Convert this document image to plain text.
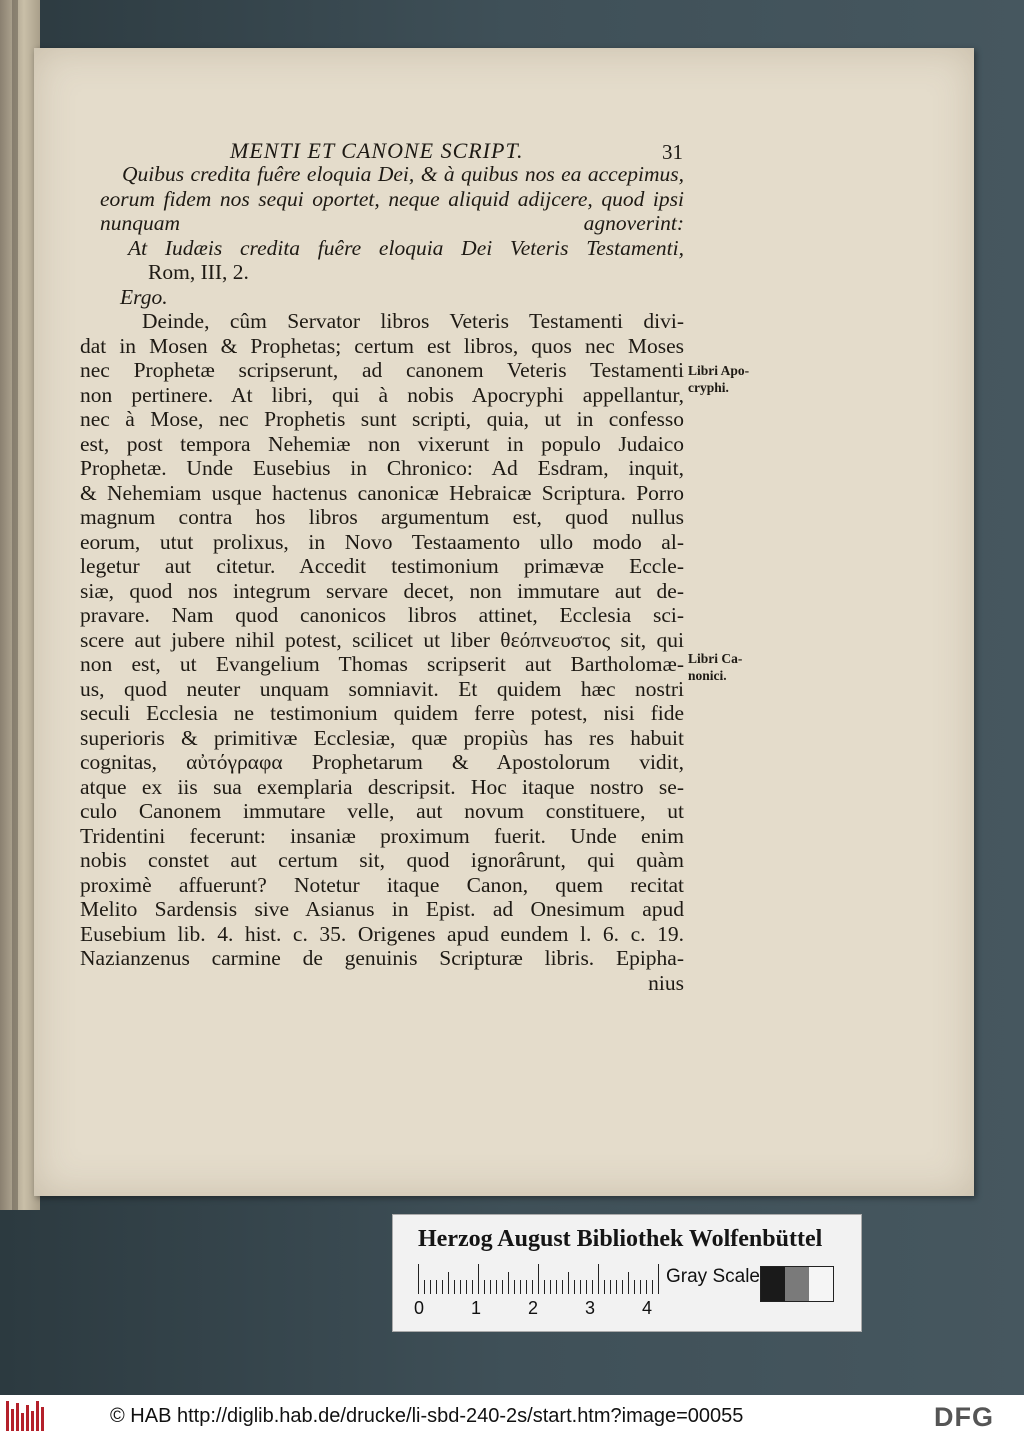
MENTI ET CANONE SCRIPT.	31
Quibus credita fuêre eloquia Dei, & à quibus nos ea accepimus,
eorum fidem nos sequi oportet, neque aliquid adijcere, quod ipsi
nunquam agnoverint:
At Iudæis credita fuêre eloquia Dei Veteris Testamenti,
Rom, III, 2.
Ergo.
Deinde, cûm Servator libros Veteris Testamenti divi-
dat in Mosen & Prophetas; certum est libros, quos nec Moses
nec Prophetæ scripserunt, ad canonem Veteris Testamenti
non pertinere. At libri, qui à nobis Apocryphi appellantur,
nec à Mose, nec Prophetis sunt scripti, quia, ut in confesso
est, post tempora Nehemiæ non vixerunt in populo Judaico
Prophetæ. Unde Eusebius in Chronico: Ad Esdram, inquit,
& Nehemiam usque hactenus canonicæ Hebraicæ Scriptura. Porro
magnum contra hos libros argumentum est, quod nullus
eorum, utut prolixus, in Novo Testaamento ullo modo al-
legetur aut citetur. Accedit testimonium primævæ Eccle-
siæ, quod nos integrum servare decet, non immutare aut de-
pravare. Nam quod canonicos libros attinet, Ecclesia sci-
scere aut jubere nihil potest, scilicet ut liber θεόπνευστος sit, qui
non est, ut Evangelium Thomas scripserit aut Bartholomæ-
us, quod neuter unquam somniavit. Et quidem hæc nostri
seculi Ecclesia ne testimonium quidem ferre potest, nisi fide
superioris & primitivæ Ecclesiæ, quæ propiùs has res habuit
cognitas, αὐτόγραφα Prophetarum & Apostolorum vidit,
atque ex iis sua exemplaria descripsit. Hoc itaque nostro se-
culo Canonem immutare velle, aut novum constituere, ut
Tridentini fecerunt: insaniæ proximum fuerit. Unde enim
nobis constet aut certum sit, quod ignorârunt, qui quàm
proximè affuerunt? Notetur itaque Canon, quem recitat
Melito Sardensis sive Asianus in Epist. ad Onesimum apud
Eusebium lib. 4. hist. c. 35. Origenes apud eundem l. 6. c. 19.
Nazianzenus carmine de genuinis Scripturæ libris. Epipha-
nius
Libri Apo- cryphi.
Libri Ca- nonici.
Herzog August Bibliothek Wolfenbüttel
0	1	2	3	4
Gray Scale
© HAB http://diglib.hab.de/drucke/li-sbd-240-2s/start.htm?image=00055	DFG
